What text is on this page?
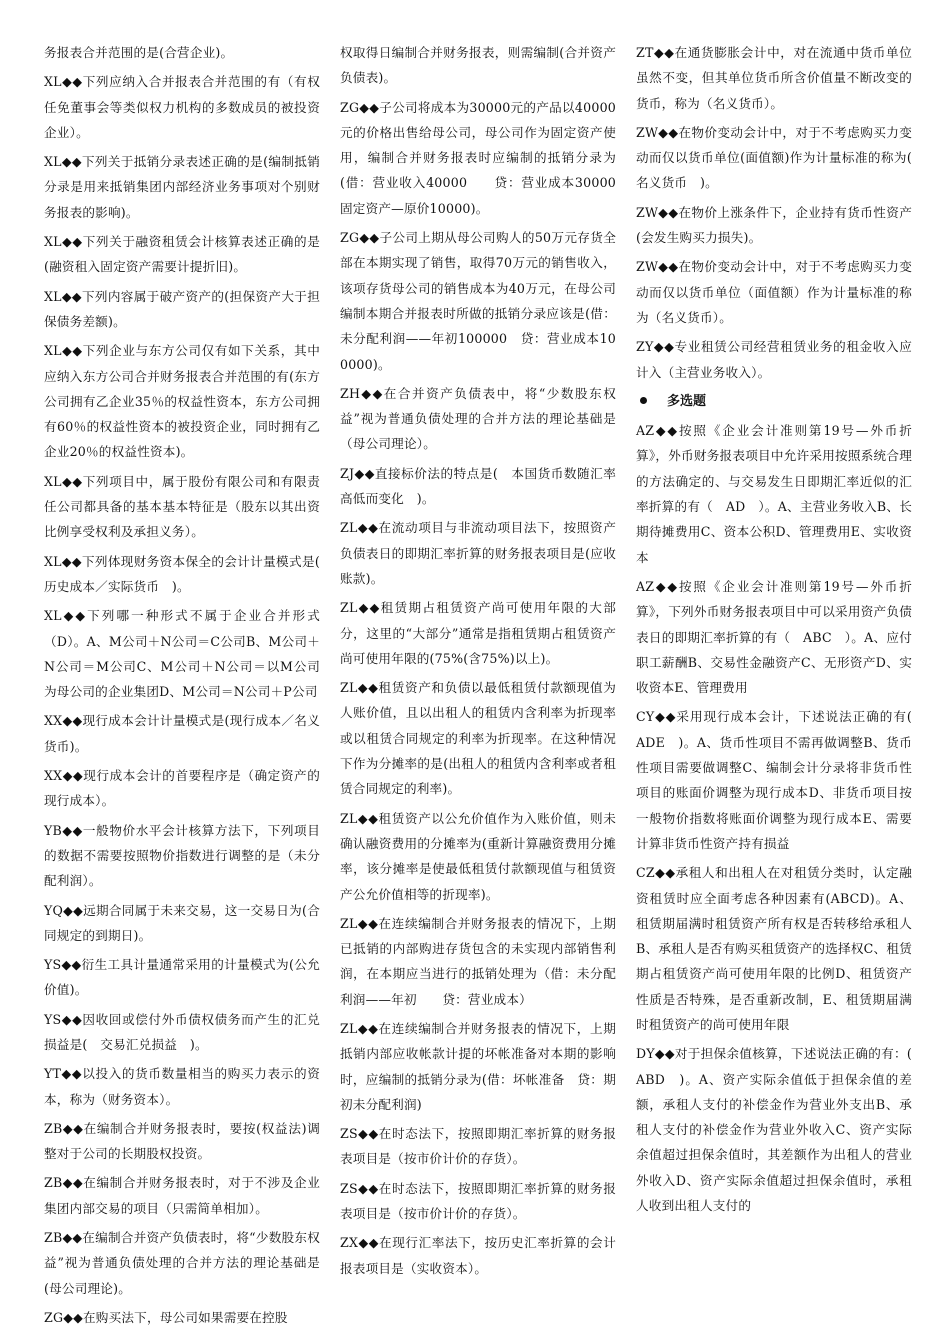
务报表合并范围的是(合营企业)。

XL◆◆下列应纳入合并报表合并范围的有（有权任免董事会等类似权力机构的多数成员的被投资企业）。

XL◆◆下列关于抵销分录表述正确的是(编制抵销分录是用来抵销集团内部经济业务事项对个别财务报表的影响)。

XL◆◆下列关于融资租赁会计核算表述正确的是(融资租入固定资产需要计提折旧)。

XL◆◆下列内容属于破产资产的(担保资产大于担保债务差额)。

XL◆◆下列企业与东方公司仅有如下关系，其中应纳入东方公司合并财务报表合并范围的有(东方公司拥有乙企业35％的权益性资本，东方公司拥有60％的权益性资本的被投资企业，同时拥有乙企业20％的权益性资本)。

XL◆◆下列项目中，属于股份有限公司和有限责任公司都具备的基本基本特征是（股东以其出资比例享受权利及承担义务）。

XL◆◆下列体现财务资本保全的会计计量模式是(　历史成本／实际货币　)。

XL◆◆下列哪一种形式不属于企业合并形式（D）。A、M公司＋N公司＝C公司B、M公司＋N公司＝M公司C、M公司＋N公司＝以M公司为母公司的企业集团D、M公司＝N公司＋P公司

XX◆◆现行成本会计计量模式是(现行成本／名义货币)。

XX◆◆现行成本会计的首要程序是（确定资产的现行成本）。

YB◆◆一般物价水平会计核算方法下，下列项目的数据不需要按照物价指数进行调整的是（未分配利润）。

YQ◆◆远期合同属于未来交易，这一交易日为(合同规定的到期日)。

YS◆◆衍生工具计量通常采用的计量模式为(公允价值)。

YS◆◆因收回或偿付外币债权债务而产生的汇兑损益是(　交易汇兑损益　)。

YT◆◆以投入的货币数量相当的购买力表示的资本，称为（财务资本）。

ZB◆◆在编制合并财务报表时，要按(权益法)调整对于公司的长期股权投资。

ZB◆◆在编制合并财务报表时，对于不涉及企业集团内部交易的项目（只需简单相加）。

ZB◆◆在编制合并资产负债表时，将“少数股东权益”视为普通负债处理的合并方法的理论基础是(母公司理论)。

ZG◆◆在购买法下，母公司如果需要在控股

权取得日编制合并财务报表，则需编制(合并资产负债表)。

ZG◆◆子公司将成本为30000元的产品以40000元的价格出售给母公司，母公司作为固定资产使用，编制合并财务报表时应编制的抵销分录为(借：营业收入40000　　贷：营业成本30000　　固定资产—原价10000)。

ZG◆◆子公司上期从母公司购人的50万元存货全部在本期实现了销售，取得70万元的销售收入，该项存货母公司的销售成本为40万元，在母公司编制本期合并报表时所做的抵销分录应该是(借：未分配利润——年初100000　贷：营业成本100000)。

ZH◆◆在合并资产负债表中，将“少数股东权益”视为普通负债处理的合并方法的理论基础是（母公司理论）。

ZJ◆◆直接标价法的特点是(　本国货币数随汇率高低而变化　)。

ZL◆◆在流动项目与非流动项目法下，按照资产负债表日的即期汇率折算的财务报表项目是(应收账款)。

ZL◆◆租赁期占租赁资产尚可使用年限的大部分，这里的“大部分”通常是指租赁期占租赁资产尚可使用年限的(75%(含75%)以上)。

ZL◆◆租赁资产和负债以最低租赁付款额现值为人账价值，且以出租人的租赁内含利率为折现率或以租赁合同规定的利率为折现率。在这种情况下作为分摊率的是(出租人的租赁内含利率或者租赁合同规定的利率)。

ZL◆◆租赁资产以公允价值作为入账价值，则未确认融资费用的分摊率为(重新计算融资费用分摊率，该分摊率是使最低租赁付款额现值与租赁资产公允价值相等的折现率)。

ZL◆◆在连续编制合并财务报表的情况下，上期已抵销的内部购进存货包含的未实现内部销售利润，在本期应当进行的抵销处理为（借：未分配利润——年初　　贷：营业成本）

ZL◆◆在连续编制合并财务报表的情况下，上期抵销内部应收帐款计提的坏帐准备对本期的影响时，应编制的抵销分录为(借：坏帐准备　贷：期初未分配利润)

ZS◆◆在时态法下，按照即期汇率折算的财务报表项目是（按市价计价的存货）。

ZS◆◆在时态法下，按照即期汇率折算的财务报表项目是（按市价计价的存货）。

ZX◆◆在现行汇率法下，按历史汇率折算的会计报表项目是（实收资本）。

ZT◆◆在通货膨胀会计中，对在流通中货币单位虽然不变，但其单位货币所含价值量不断改变的货币，称为（名义货币）。

ZW◆◆在物价变动会计中，对于不考虑购买力变动而仅以货币单位(面值额)作为计量标准的称为(　名义货币　)。

ZW◆◆在物价上涨条件下，企业持有货币性资产(会发生购买力损失)。

ZW◆◆在物价变动会计中，对于不考虑购买力变动而仅以货币单位（面值额）作为计量标准的称为（名义货币）。

ZY◆◆专业租赁公司经营租赁业务的租金收入应计入（主营业务收入）。

多选题

AZ◆◆按照《企业会计准则第19号—外币折算》，外币财务报表项目中允许采用按照系统合理的方法确定的、与交易发生日即期汇率近似的汇率折算的有（　AD　）。A、主营业务收入B、长期待摊费用C、资本公积D、管理费用E、实收资本

AZ◆◆按照《企业会计准则第19号—外币折算》，下列外币财务报表项目中可以采用资产负债表日的即期汇率折算的有（　ABC　）。A、应付职工薪酬B、交易性金融资产C、无形资产D、实收资本E、管理费用

CY◆◆采用现行成本会计，下述说法正确的有(　ADE　)。A、货币性项目不需再做调整B、货币性项目需要做调整C、编制会计分录将非货币性项目的账面价调整为现行成本D、非货币项目按一般物价指数将账面价调整为现行成本E、需要计算非货币性资产持有损益

CZ◆◆承租人和出租人在对租赁分类时，认定融资租赁时应全面考虑各种因素有(ABCD)。A、租赁期届满时租赁资产所有权是否转移给承租人B、承租人是否有购买租赁资产的选择权C、租赁期占租赁资产尚可使用年限的比例D、租赁资产性质是否特殊，是否重新改制，E、租赁期届满时租赁资产的尚可使用年限

DY◆◆对于担保余值核算，下述说法正确的有：(　ABD　)。A、资产实际余值低于担保余值的差额，承租人支付的补偿金作为营业外支出B、承租人支付的补偿金作为营业外收入C、资产实际余值超过担保余值时，其差额作为出租人的营业外收入D、资产实际余值超过担保余值时，承租人收到出租人支付的
